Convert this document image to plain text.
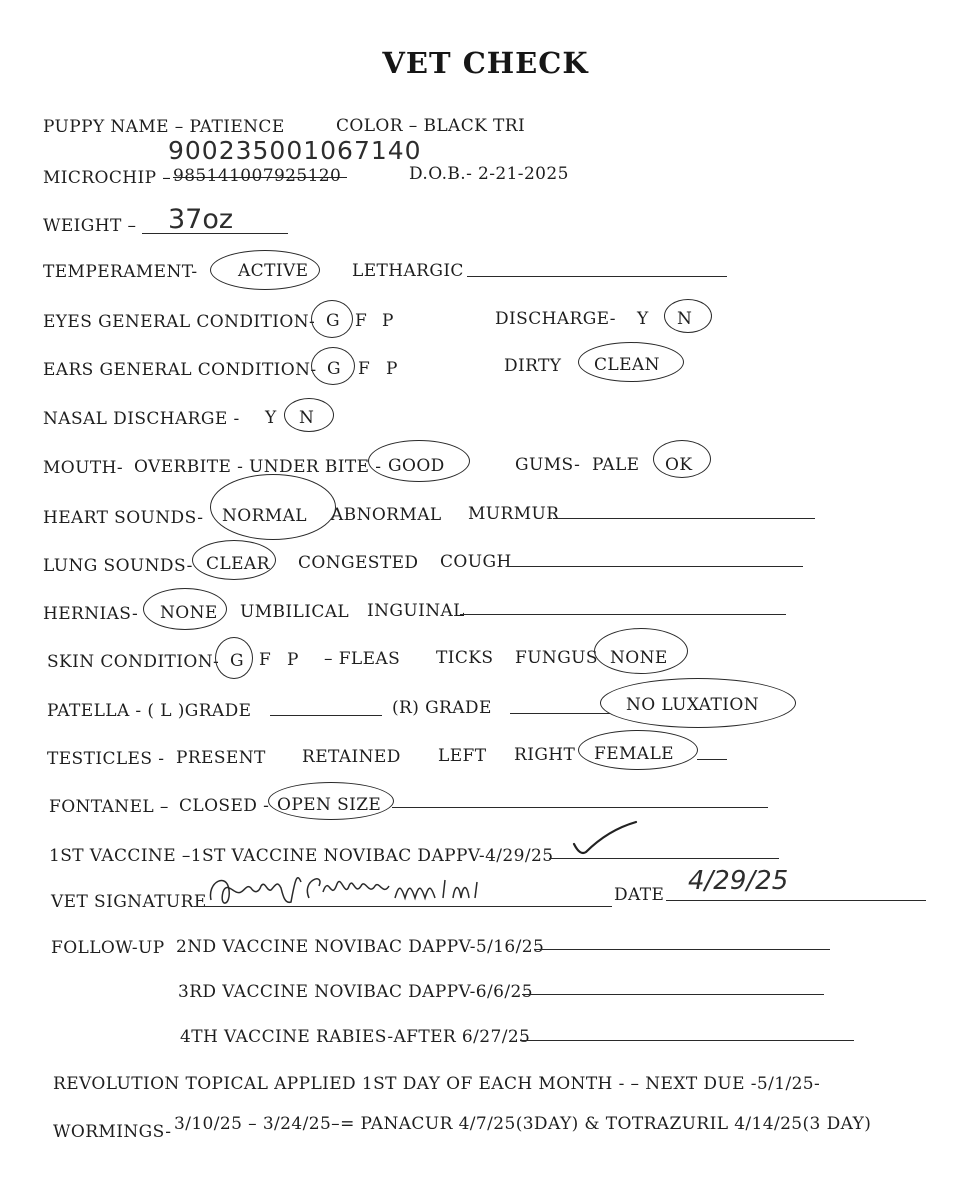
VET CHECK
PUPPY NAME – PATIENCE	COLOR – BLACK TRI
MICROCHIP – 985141007925120
900235001067140
D.O.B.- 2-21-2025
WEIGHT – 37oz
TEMPERAMENT- ACTIVE	LETHARGIC
EYES GENERAL CONDITION- G F P	DISCHARGE- Y N
EARS GENERAL CONDITION- G F P	DIRTY CLEAN
NASAL DISCHARGE - Y N
MOUTH- OVERBITE - UNDER BITE - GOOD	GUMS- PALE OK
HEART SOUNDS- NORMAL ABNORMAL MURMUR
LUNG SOUNDS- CLEAR CONGESTED COUGH
HERNIAS- NONE UMBILICAL INGUINAL
SKIN CONDITION- G F P – FLEAS TICKS FUNGUS NONE
PATELLA - ( L )GRADE	(R) GRADE	NO LUXATION
TESTICLES - PRESENT RETAINED LEFT RIGHT FEMALE
FONTANEL – CLOSED - OPEN SIZE
1ST VACCINE –1ST VACCINE NOVIBAC DAPPV-4/29/25
VET SIGNATURE	DATE 4/29/25
FOLLOW-UP 2ND VACCINE NOVIBAC DAPPV-5/16/25
3RD VACCINE NOVIBAC DAPPV-6/6/25
4TH VACCINE RABIES-AFTER 6/27/25
REVOLUTION TOPICAL APPLIED 1ST DAY OF EACH MONTH - – NEXT DUE -5/1/25-
WORMINGS- 3/10/25 – 3/24/25–= PANACUR 4/7/25(3DAY) & TOTRAZURIL 4/14/25(3 DAY)
